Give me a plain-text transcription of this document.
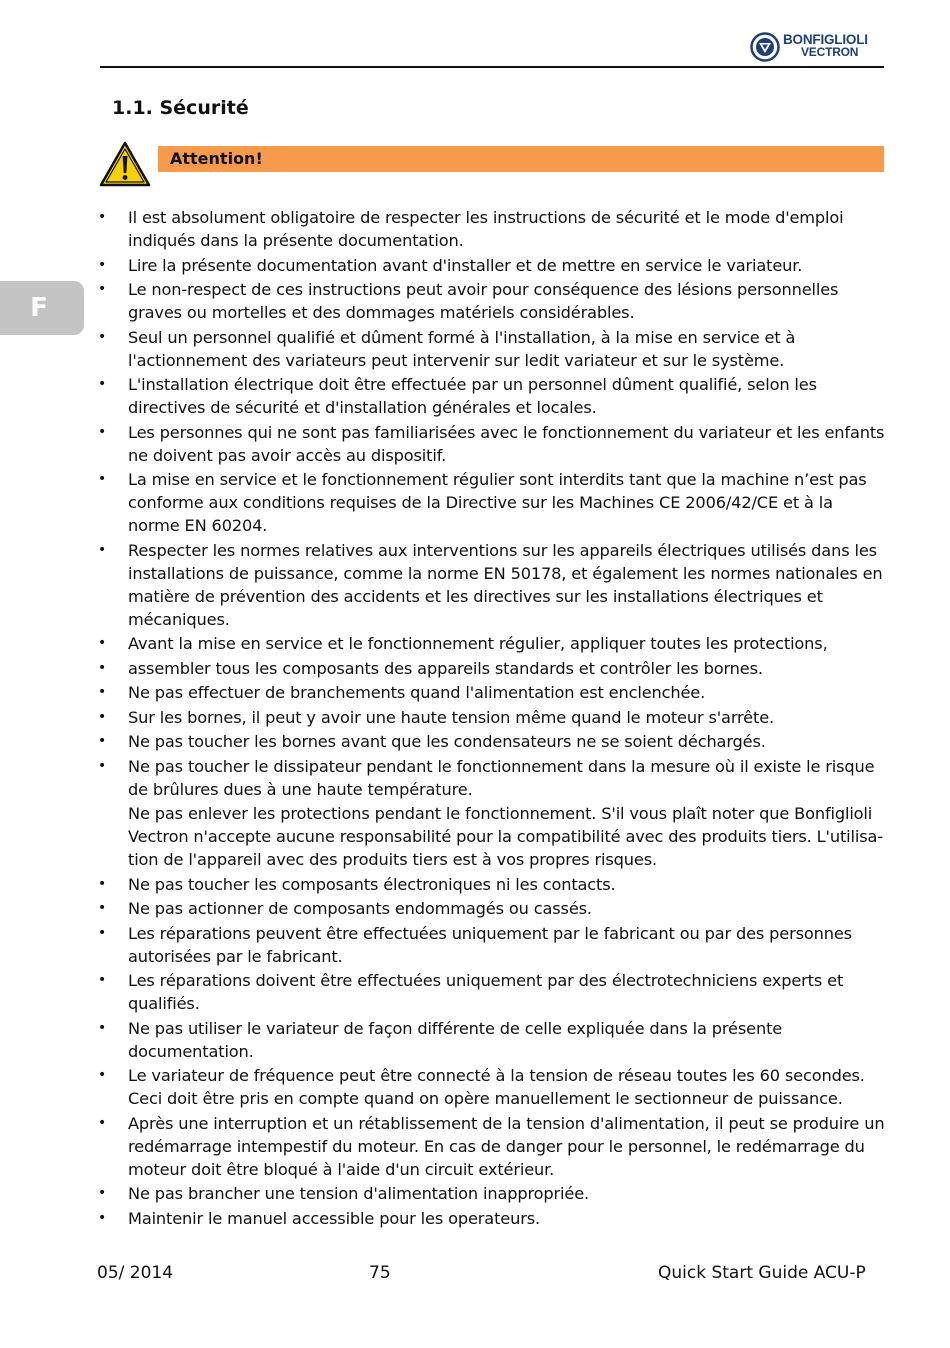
BONFIGLIOLI
VECTRON
F
1.1. Sécurité
Attention!
• Il est absolument obligatoire de respecter les instructions de sécurité et le mode d'emploi indiqués dans la présente documentation.
• Lire la présente documentation avant d'installer et de mettre en service le variateur.
• Le non-respect de ces instructions peut avoir pour conséquence des lésions personnelles graves ou mortelles et des dommages matériels considérables.
• Seul un personnel qualifié et dûment formé à l'installation, à la mise en service et à l'actionnement des variateurs peut intervenir sur ledit variateur et sur le système.
• L'installation électrique doit être effectuée par un personnel dûment qualifié, selon les directives de sécurité et d'installation générales et locales.
• Les personnes qui ne sont pas familiarisées avec le fonctionnement du variateur et les enfants ne doivent pas avoir accès au dispositif.
• La mise en service et le fonctionnement régulier sont interdits tant que la machine n’est pas conforme aux conditions requises de la Directive sur les Machines CE 2006/42/CE et à la norme EN 60204.
• Respecter les normes relatives aux interventions sur les appareils électriques utilisés dans les installations de puissance, comme la norme EN 50178, et également les normes nationales en matière de prévention des accidents et les directives sur les installations électriques et mécaniques.
• Avant la mise en service et le fonctionnement régulier, appliquer toutes les protections,
• assembler tous les composants des appareils standards et contrôler les bornes.
• Ne pas effectuer de branchements quand l'alimentation est enclenchée.
• Sur les bornes, il peut y avoir une haute tension même quand le moteur s'arrête.
• Ne pas toucher les bornes avant que les condensateurs ne se soient déchargés.
• Ne pas toucher le dissipateur pendant le fonctionnement dans la mesure où il existe le risque de brûlures dues à une haute température.
Ne pas enlever les protections pendant le fonctionnement. S'il vous plaît noter que Bonfiglioli Vectron n'accepte aucune responsabilité pour la compatibilité avec des produits tiers. L'utilisa-tion de l'appareil avec des produits tiers est à vos propres risques.
• Ne pas toucher les composants électroniques ni les contacts.
• Ne pas actionner de composants endommagés ou cassés.
• Les réparations peuvent être effectuées uniquement par le fabricant ou par des personnes autorisées par le fabricant.
• Les réparations doivent être effectuées uniquement par des électrotechniciens experts et qualifiés.
• Ne pas utiliser le variateur de façon différente de celle expliquée dans la présente documentation.
• Le variateur de fréquence peut être connecté à la tension de réseau toutes les 60 secondes. Ceci doit être pris en compte quand on opère manuellement le sectionneur de puissance.
• Après une interruption et un rétablissement de la tension d'alimentation, il peut se produire un redémarrage intempestif du moteur. En cas de danger pour le personnel, le redémarrage du moteur doit être bloqué à l'aide d'un circuit extérieur.
• Ne pas brancher une tension d'alimentation inappropriée.
• Maintenir le manuel accessible pour les operateurs.
05/ 2014	75	Quick Start Guide ACU-P
